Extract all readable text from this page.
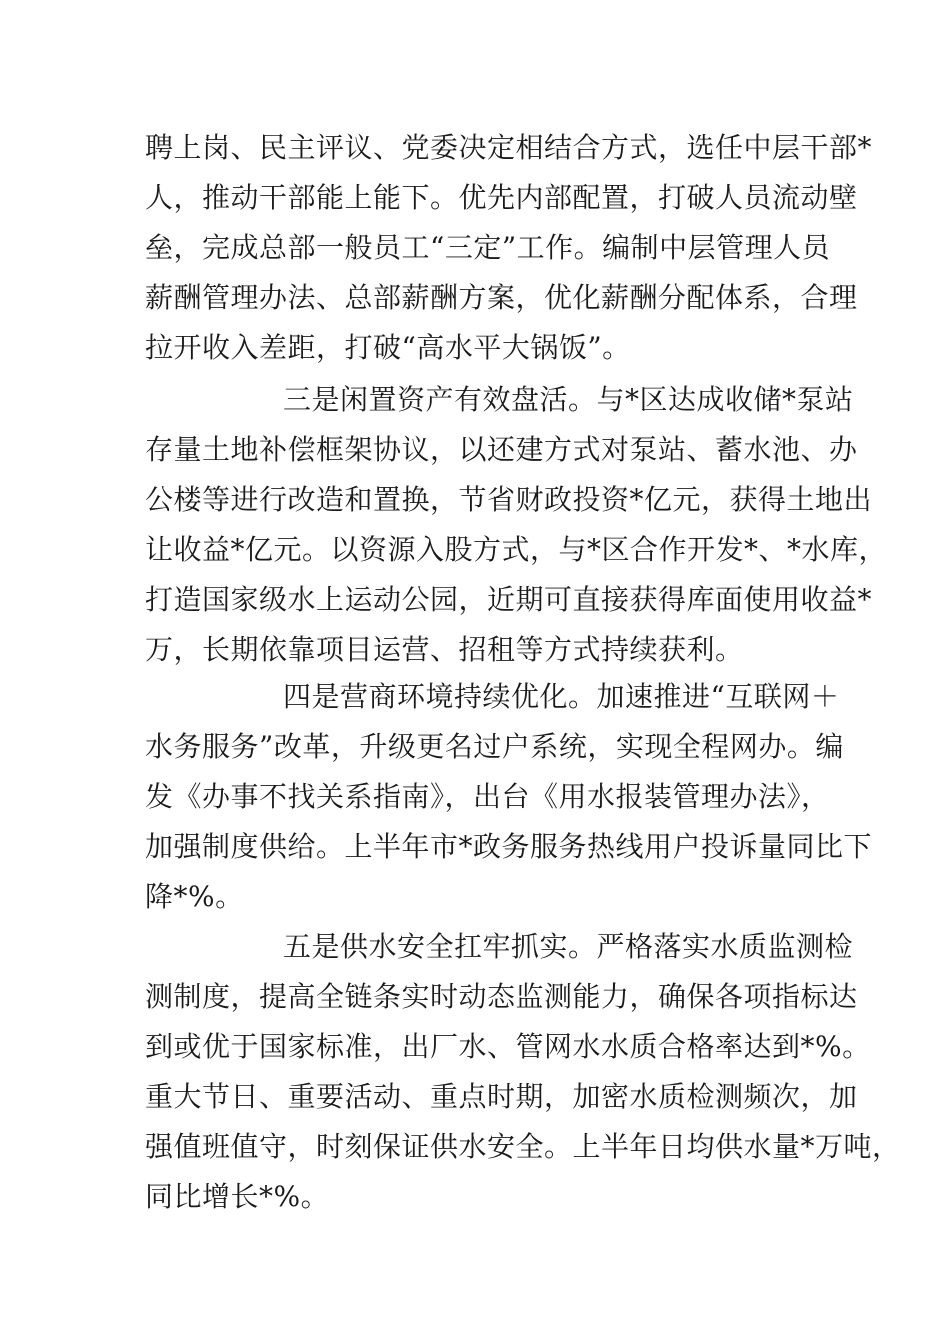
聘上岗、民主评议、党委决定相结合方式，选任中层干部*
人，推动干部能上能下。优先内部配置，打破人员流动壁
垒，完成总部一般员工“三定”工作。编制中层管理人员
薪酬管理办法、总部薪酬方案，优化薪酬分配体系，合理
拉开收入差距，打破“高水平大锅饭”。
三是闲置资产有效盘活。与*区达成收储*泵站
存量土地补偿框架协议，以还建方式对泵站、蓄水池、办
公楼等进行改造和置换，节省财政投资*亿元，获得土地出
让收益*亿元。以资源入股方式，与*区合作开发*、*水库，
打造国家级水上运动公园，近期可直接获得库面使用收益*
万，长期依靠项目运营、招租等方式持续获利。
四是营商环境持续优化。加速推进“互联网＋
水务服务”改革，升级更名过户系统，实现全程网办。编
发《办事不找关系指南》，出台《用水报装管理办法》，
加强制度供给。上半年市*政务服务热线用户投诉量同比下
降*%。
五是供水安全扛牢抓实。严格落实水质监测检
测制度，提高全链条实时动态监测能力，确保各项指标达
到或优于国家标准，出厂水、管网水水质合格率达到*%。
重大节日、重要活动、重点时期，加密水质检测频次，加
强值班值守，时刻保证供水安全。上半年日均供水量*万吨，
同比增长*%。
